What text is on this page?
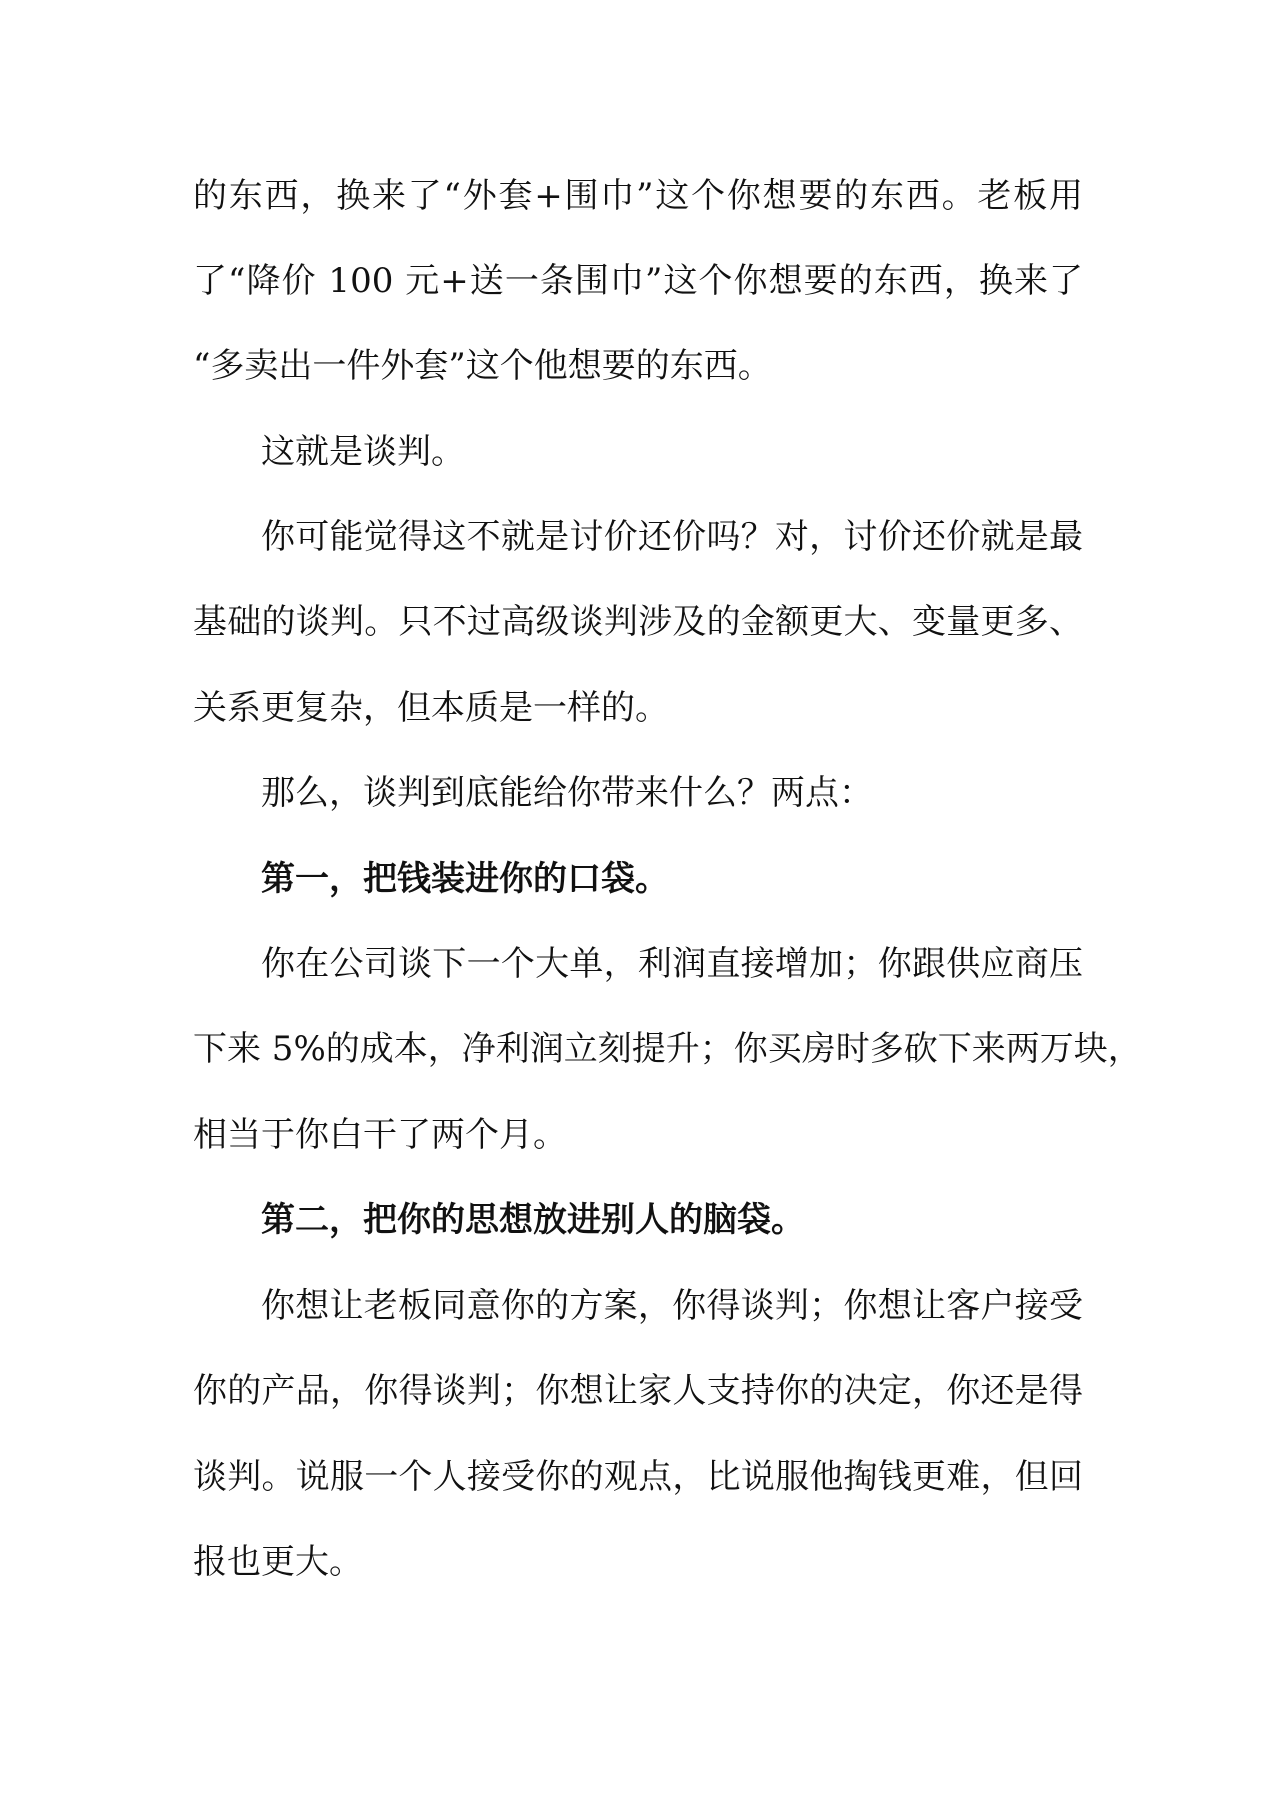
的东西，换来了“外套+围巾”这个你想要的东西。老板用
了“降价 100 元+送一条围巾”这个你想要的东西，换来了
“多卖出一件外套”这个他想要的东西。
这就是谈判。
你可能觉得这不就是讨价还价吗？对，讨价还价就是最
基础的谈判。只不过高级谈判涉及的金额更大、变量更多、
关系更复杂，但本质是一样的。
那么，谈判到底能给你带来什么？两点：
第一，把钱装进你的口袋。
你在公司谈下一个大单，利润直接增加；你跟供应商压
下来 5%的成本，净利润立刻提升；你买房时多砍下来两万块，
相当于你白干了两个月。
第二，把你的思想放进别人的脑袋。
你想让老板同意你的方案，你得谈判；你想让客户接受
你的产品，你得谈判；你想让家人支持你的决定，你还是得
谈判。说服一个人接受你的观点，比说服他掏钱更难，但回
报也更大。
